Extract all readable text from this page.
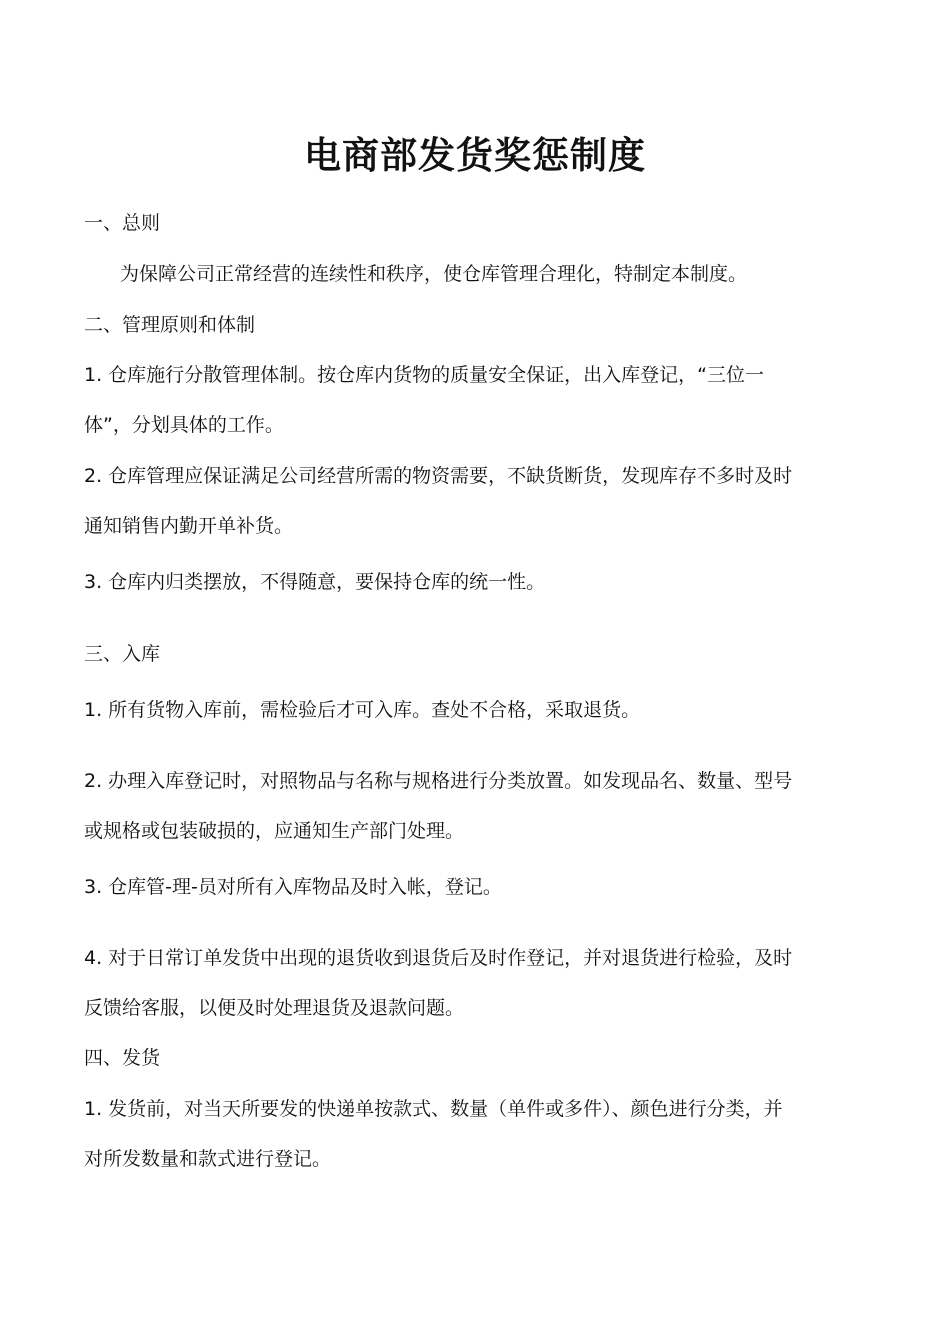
电商部发货奖惩制度
一、总则
为保障公司正常经营的连续性和秩序，使仓库管理合理化，特制定本制度。
二、管理原则和体制
1. 仓库施行分散管理体制。按仓库内货物的质量安全保证，出入库登记，“三位一
体”，分划具体的工作。
2. 仓库管理应保证满足公司经营所需的物资需要，不缺货断货，发现库存不多时及时
通知销售内勤开单补货。
3. 仓库内归类摆放，不得随意，要保持仓库的统一性。
三、入库
1. 所有货物入库前，需检验后才可入库。查处不合格，采取退货。
2. 办理入库登记时，对照物品与名称与规格进行分类放置。如发现品名、数量、型号
或规格或包装破损的，应通知生产部门处理。
3. 仓库管-理-员对所有入库物品及时入帐，登记。
4. 对于日常订单发货中出现的退货收到退货后及时作登记，并对退货进行检验，及时
反馈给客服，以便及时处理退货及退款问题。
四、发货
1. 发货前，对当天所要发的快递单按款式、数量（单件或多件）、颜色进行分类，并
对所发数量和款式进行登记。
